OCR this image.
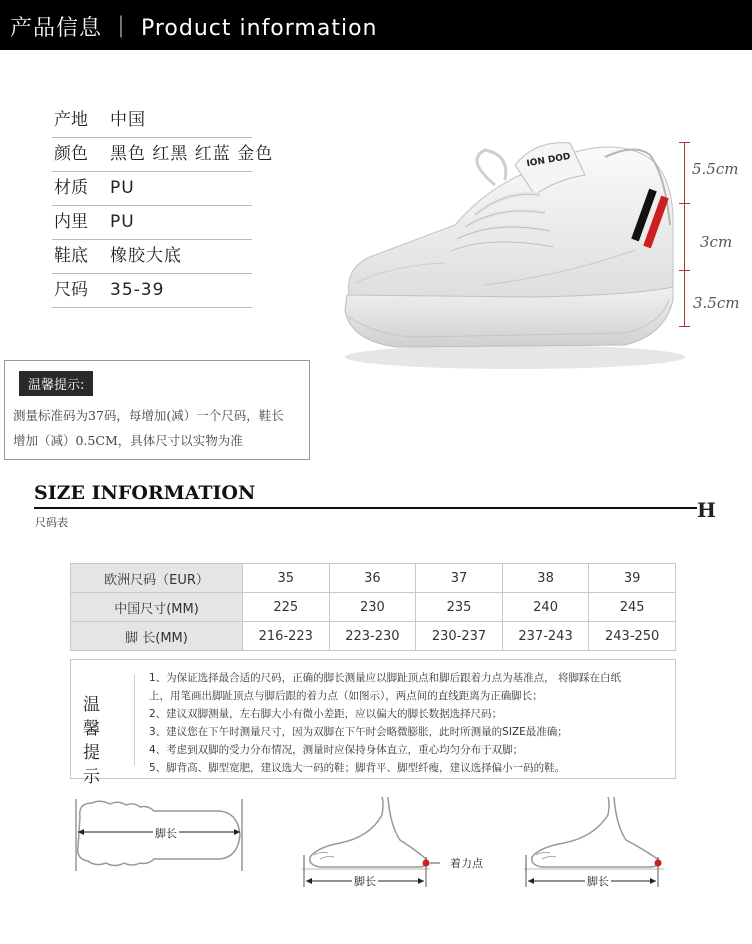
产品信息 ｜ Product information
产地 中国
颜色 黑色 红黑 红蓝 金色
材质 PU
内里 PU
鞋底 橡胶大底
尺码 35-39
ION DOD	5.5cm
3cm
3.5cm
温馨提示:
测量标准码为37码，每增加(减）一个尺码，鞋长
增加（减）0.5CM，具体尺寸以实物为准
SIZE INFORMATION
H
尺码表
欧洲尺码（EUR）	35	36	37	38	39
中国尺寸(MM)	225	230	235	240	245
脚 长(MM)	216-223	223-230	230-237	237-243	243-250
温 馨
提 示
1、为保证选择最合适的尺码，正确的脚长测量应以脚趾顶点和脚后跟着力点为基准点， 将脚踩在白纸
上，用笔画出脚趾顶点与脚后跟的着力点（如图示），两点间的直线距离为正确脚长；
2、建议双脚测量，左右脚大小有微小差距，应以偏大的脚长数据选择尺码；
3、建议您在下午时测量尺寸，因为双脚在下午时会略微膨胀，此时所测量的SIZE最准确；
4、考虑到双脚的受力分布情况，测量时应保持身体直立，重心均匀分布于双脚；
5、脚背高、脚型宽肥，建议选大一码的鞋；脚背平、脚型纤瘦，建议选择偏小一码的鞋。
脚长
脚长
着力点
脚长
